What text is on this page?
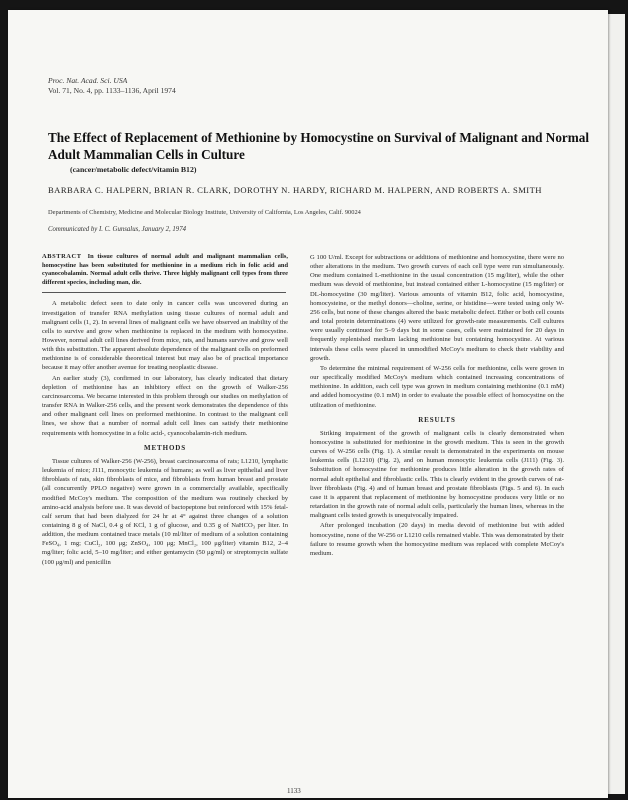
Proc. Nat. Acad. Sci. USA
Vol. 71, No. 4, pp. 1133–1136, April 1974
The Effect of Replacement of Methionine by Homocystine on Survival of Malignant and Normal Adult Mammalian Cells in Culture
(cancer/metabolic defect/vitamin B12)
BARBARA C. HALPERN, BRIAN R. CLARK, DOROTHY N. HARDY, RICHARD M. HALPERN, AND ROBERTS A. SMITH
Departments of Chemistry, Medicine and Molecular Biology Institute, University of California, Los Angeles, Calif. 90024
Communicated by I. C. Gunsalus, January 2, 1974

ABSTRACT In tissue cultures of normal adult and malignant mammalian cells, homocystine has been substituted for methionine in a medium rich in folic acid and cyanocobalamin. Normal adult cells thrive. Three highly malignant cell types from three different species, including man, die.

A metabolic defect seen to date only in cancer cells was uncovered during an investigation of transfer RNA methylation using tissue cultures of normal adult and malignant cells (1, 2). In several lines of malignant cells we have observed an inability of the cells to survive and grow when methionine is replaced in the medium with homocystine. However, normal adult cell lines derived from mice, rats, and humans survive and grow well with this substitution. The apparent absolute dependence of the malignant cells on preformed methionine is of considerable theoretical interest but may also be of practical importance because it may offer another avenue for treating neoplastic disease.

An earlier study (3), confirmed in our laboratory, has clearly indicated that dietary depletion of methionine has an inhibitory effect on the growth of Walker-256 carcinosarcoma. We became interested in this problem through our studies on methylation of transfer RNA in Walker-256 cells, and the present work demonstrates the dependence of this and other malignant cell lines on preformed methionine. In contrast to the malignant cell lines, we show that a number of normal adult cell lines can satisfy their methionine requirements with homocystine in a folic acid-, cyanocobalamin-rich medium.

METHODS

Tissue cultures of Walker-256 (W-256), breast carcinosarcoma of rats; L1210, lymphatic leukemia of mice; J111, monocytic leukemia of humans; as well as liver epithelial and liver fibroblasts of rats, skin fibroblasts of mice, and fibroblasts from human breast and prostate (all concurrently PPLO negative) were grown in a commercially available, specifically modified McCoy's medium. The composition of the medium was routinely checked by amino-acid analysis before use. It was devoid of bactopeptone but reinforced with 15% fetal-calf serum that had been dialyzed for 24 hr at 4° against three changes of a solution containing 8 g of NaCl, 0.4 g of KCl, 1 g of glucose, and 0.35 g of NaHCO₃ per liter. In addition, the medium contained trace metals (10 ml/liter of medium of a solution containing FeSO₄, 1 mg; CuCl₂, 100 μg; ZnSO₄, 100 μg; MnCl₂, 100 μg/liter) vitamin B12, 2–4 mg/liter; folic acid, 5–10 mg/liter; and either gentamycin (50 μg/ml) or streptomycin sulfate (100 μg/ml) and penicillin

G 100 U/ml. Except for subtractions or additions of methionine and homocystine, there were no other alterations in the medium. Two growth curves of each cell type were run simultaneously. One medium contained L-methionine in the usual concentration (15 mg/liter), while the other medium was devoid of methionine, but instead contained either L-homocystine (15 mg/liter) or DL-homocystine (30 mg/liter). Various amounts of vitamin B12, folic acid, homocystine, homocysteine, or the methyl donors—choline, serine, or histidine—were tested using only W-256 cells, but none of these changes altered the basic metabolic defect. Either or both cell counts and total protein determinations (4) were utilized for growth-rate measurements. Cell cultures were usually continued for 5–9 days but in some cases, cells were maintained for 20 days in frequently replenished medium lacking methionine but containing homocystine. At various intervals these cells were placed in unmodified McCoy's medium to check their viability and growth.

To determine the minimal requirement of W-256 cells for methionine, cells were grown in our specifically modified McCoy's medium which contained increasing concentrations of methionine. In addition, each cell type was grown in medium containing methionine (0.1 mM) and added homocystine (0.1 mM) in order to evaluate the possible effect of homocystine on the utilization of methionine.

RESULTS

Striking impairment of the growth of malignant cells is clearly demonstrated when homocystine is substituted for methionine in the growth medium. This is seen in the growth curves of W-256 cells (Fig. 1). A similar result is demonstrated in the experiments on mouse leukemia cells (L1210) (Fig. 2), and on human monocytic leukemia cells (J111) (Fig. 3). Substitution of homocystine for methionine produces little alteration in the growth rates of normal adult epithelial and fibroblastic cells. This is clearly evident in the growth curves of rat-liver fibroblasts (Fig. 4) and of human breast and prostate fibroblasts (Figs. 5 and 6). In each case it is apparent that replacement of methionine by homocystine produces very little or no retardation in the growth rate of normal adult cells, particularly the human lines, whereas in the malignant cells tested growth is unequivocally impaired.

After prolonged incubation (20 days) in media devoid of methionine but with added homocystine, none of the W-256 or L1210 cells remained viable. This was demonstrated by their failure to resume growth when the homocystine medium was replaced with complete McCoy's medium.

1133
